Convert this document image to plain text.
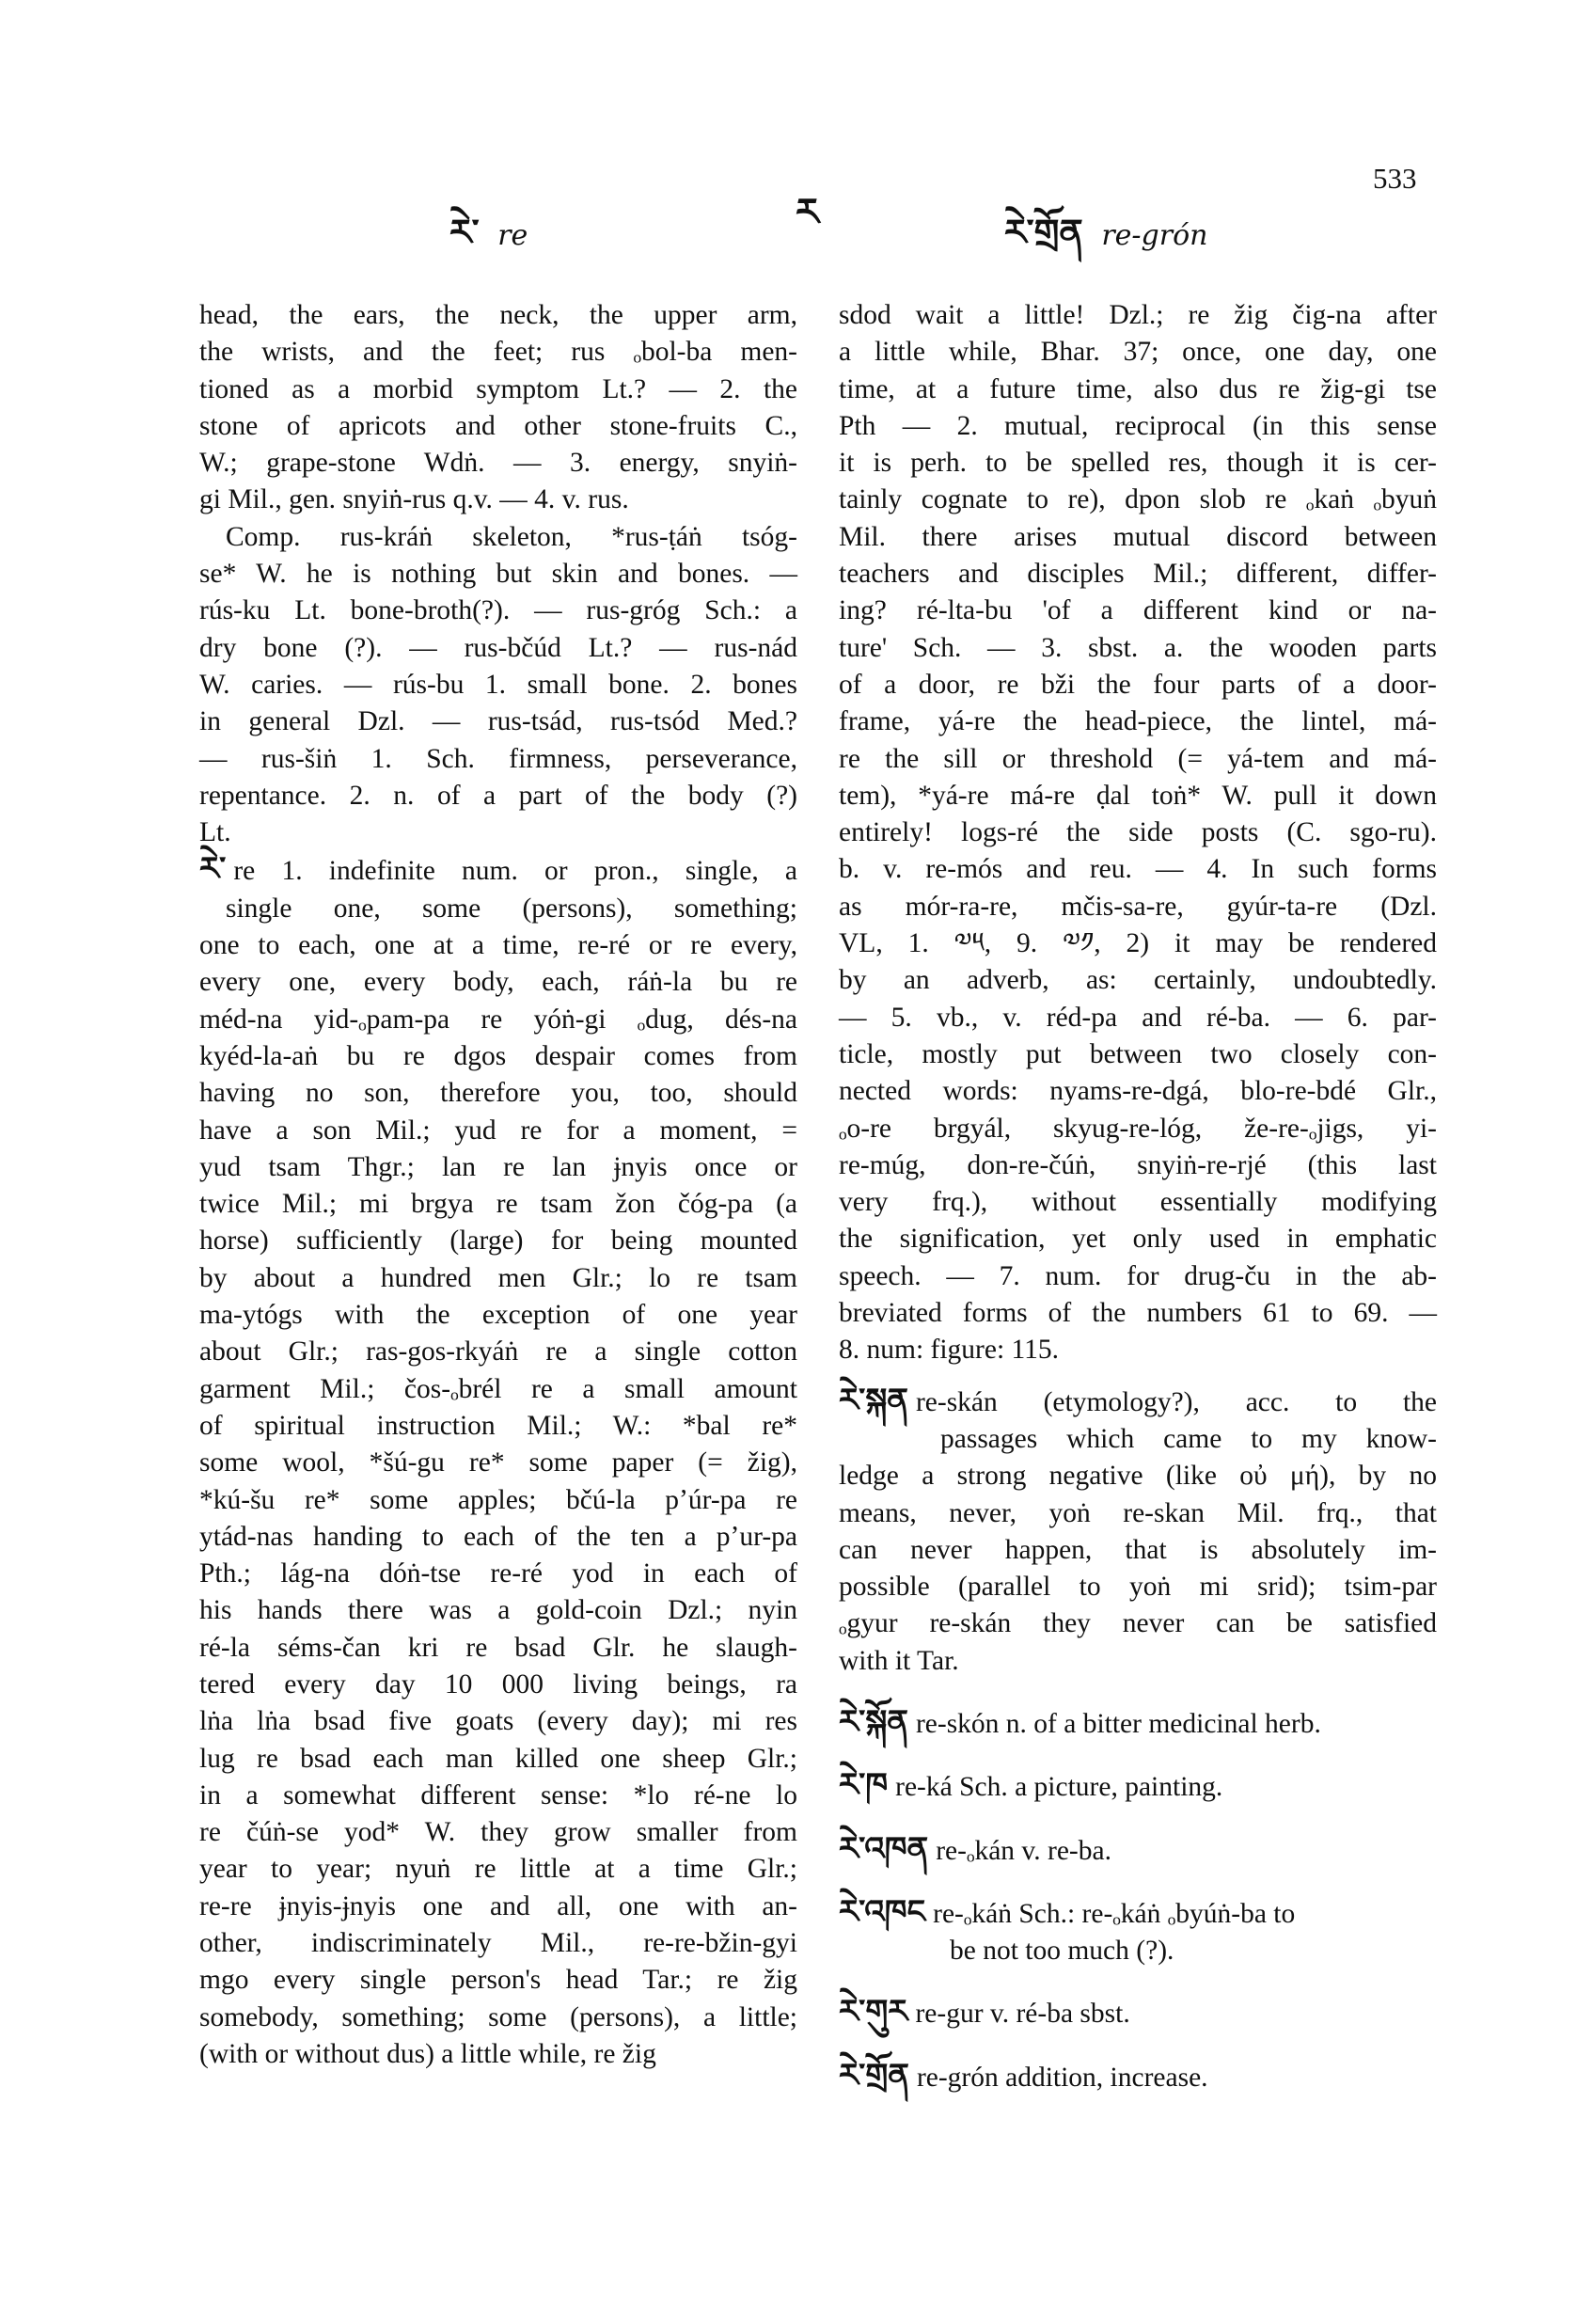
རེ་ re
ར	རེ་གྲོན re-grón
533
head, the ears, the neck, the upper arm,
the wrists, and the feet; rus ₒbol-ba men-
tioned as a morbid symptom Lt.? — 2. the
stone of apricots and other stone-fruits C.,
W.; grape-stone Wdṅ. — 3. energy, snyiṅ-
gi Mil., gen. snyiṅ-rus q.v. — 4. v. rus.
Comp. rus-kráṅ skeleton, *rus-ṭáṅ tsóg-
se* W. he is nothing but skin and bones. —
rús-ku Lt. bone-broth(?). — rus-gróg Sch.: a
dry bone (?). — rus-bčúd Lt.? — rus-nád
W. caries. — rús-bu 1. small bone. 2. bones
in general Dzl. — rus-tsád, rus-tsód Med.?
— rus-šiṅ 1. Sch. firmness, perseverance,
repentance. 2. n. of a part of the body (?)
Lt.
རེ་ re 1. indefinite num. or pron., single, a
single one, some (persons), something;
one to each, one at a time, re-ré or re every,
every one, every body, each, ráṅ-la bu re
méd-na yid-ₒpam-pa re yóṅ-gi ₒdug, dés-na
kyéd-la-aṅ bu re dgos despair comes from
having no son, therefore you, too, should
have a son Mil.; yud re for a moment, =
yud tsam Thgr.; lan re lan ɉnyis once or
twice Mil.; mi brgya re tsam žon čóg-pa (a
horse) sufficiently (large) for being mounted
by about a hundred men Glr.; lo re tsam
ma-ytógs with the exception of one year
about Glr.; ras-gos-rkyáṅ re a single cotton
garment Mil.; čos-ₒbrél re a small amount
of spiritual instruction Mil.; W.: *bal re*
some wool, *šú-gu re* some paper (= žig),
*kú-šu re* some apples; bčú-la pʼúr-pa re
ytád-nas handing to each of the ten a pʼur-pa
Pth.; lág-na dóṅ-tse re-ré yod in each of
his hands there was a gold-coin Dzl.; nyin
ré-la séms-čan kri re bsad Glr. he slaugh-
tered every day 10 000 living beings, ra
lṅa lṅa bsad five goats (every day); mi res
lug re bsad each man killed one sheep Glr.;
in a somewhat different sense: *lo ré-ne lo
re čúṅ-se yod* W. they grow smaller from
year to year; nyuṅ re little at a time Glr.;
re-re ɉnyis-ɉnyis one and all, one with an-
other, indiscriminately Mil., re-re-bžin-gyi
mgo every single person's head Tar.; re žig
somebody, something; some (persons), a little;
(with or without dus) a little while, re žig
sdod wait a little! Dzl.; re žig čig-na after
a little while, Bhar. 37; once, one day, one
time, at a future time, also dus re žig-gi tse
Pth — 2. mutual, reciprocal (in this sense
it is perh. to be spelled res, though it is cer-
tainly cognate to re), dpon slob re ₒkaṅ ₒbyuṅ
Mil. there arises mutual discord between
teachers and disciples Mil.; different, differ-
ing? ré-lta-bu 'of a different kind or na-
ture' Sch. — 3. sbst. a. the wooden parts
of a door, re bži the four parts of a door-
frame, yá-re the head-piece, the lintel, má-
re the sill or threshold (= yá-tem and má-
tem), *yá-re má-re ḍal toṅ* W. pull it down
entirely! logs-ré the side posts (C. sgo-ru).
b. v. re-mós and reu. — 4. In such forms
as mór-ra-re, mčis-sa-re, gyúr-ta-re (Dzl.
VL, 1. ༧༥, 9. ༧༡, 2) it may be rendered
by an adverb, as: certainly, undoubtedly.
— 5. vb., v. réd-pa and ré-ba. — 6. par-
ticle, mostly put between two closely con-
nected words: nyams-re-dgá, blo-re-bdé Glr.,
ₒo-re brgyál, skyug-re-lóg, že-re-ₒjigs, yi-
re-múg, don-re-čúṅ, snyiṅ-re-rjé (this last
very frq.), without essentially modifying
the signification, yet only used in emphatic
speech. — 7. num. for drug-ču in the ab-
breviated forms of the numbers 61 to 69. —
8. num: figure: 115.
རེ་སྐན re-skán (etymology?), acc. to the
passages which came to my know-
ledge a strong negative (like οὐ μή), by no
means, never, yoṅ re-skan Mil. frq., that
can never happen, that is absolutely im-
possible (parallel to yoṅ mi srid); tsim-par
ₒgyur re-skán they never can be satisfied
with it Tar.
རེ་སྐོན re-skón n. of a bitter medicinal herb.
རེ་ཁ re-ká Sch. a picture, painting.
རེ་འཁན re-ₒkán v. re-ba.
རེ་འཁང re-ₒkáṅ Sch.: re-ₒkáṅ ₒbyúṅ-ba to
be not too much (?).
རེ་གུར re-gur v. ré-ba sbst.
རེ་གྲོན re-grón addition, increase.
